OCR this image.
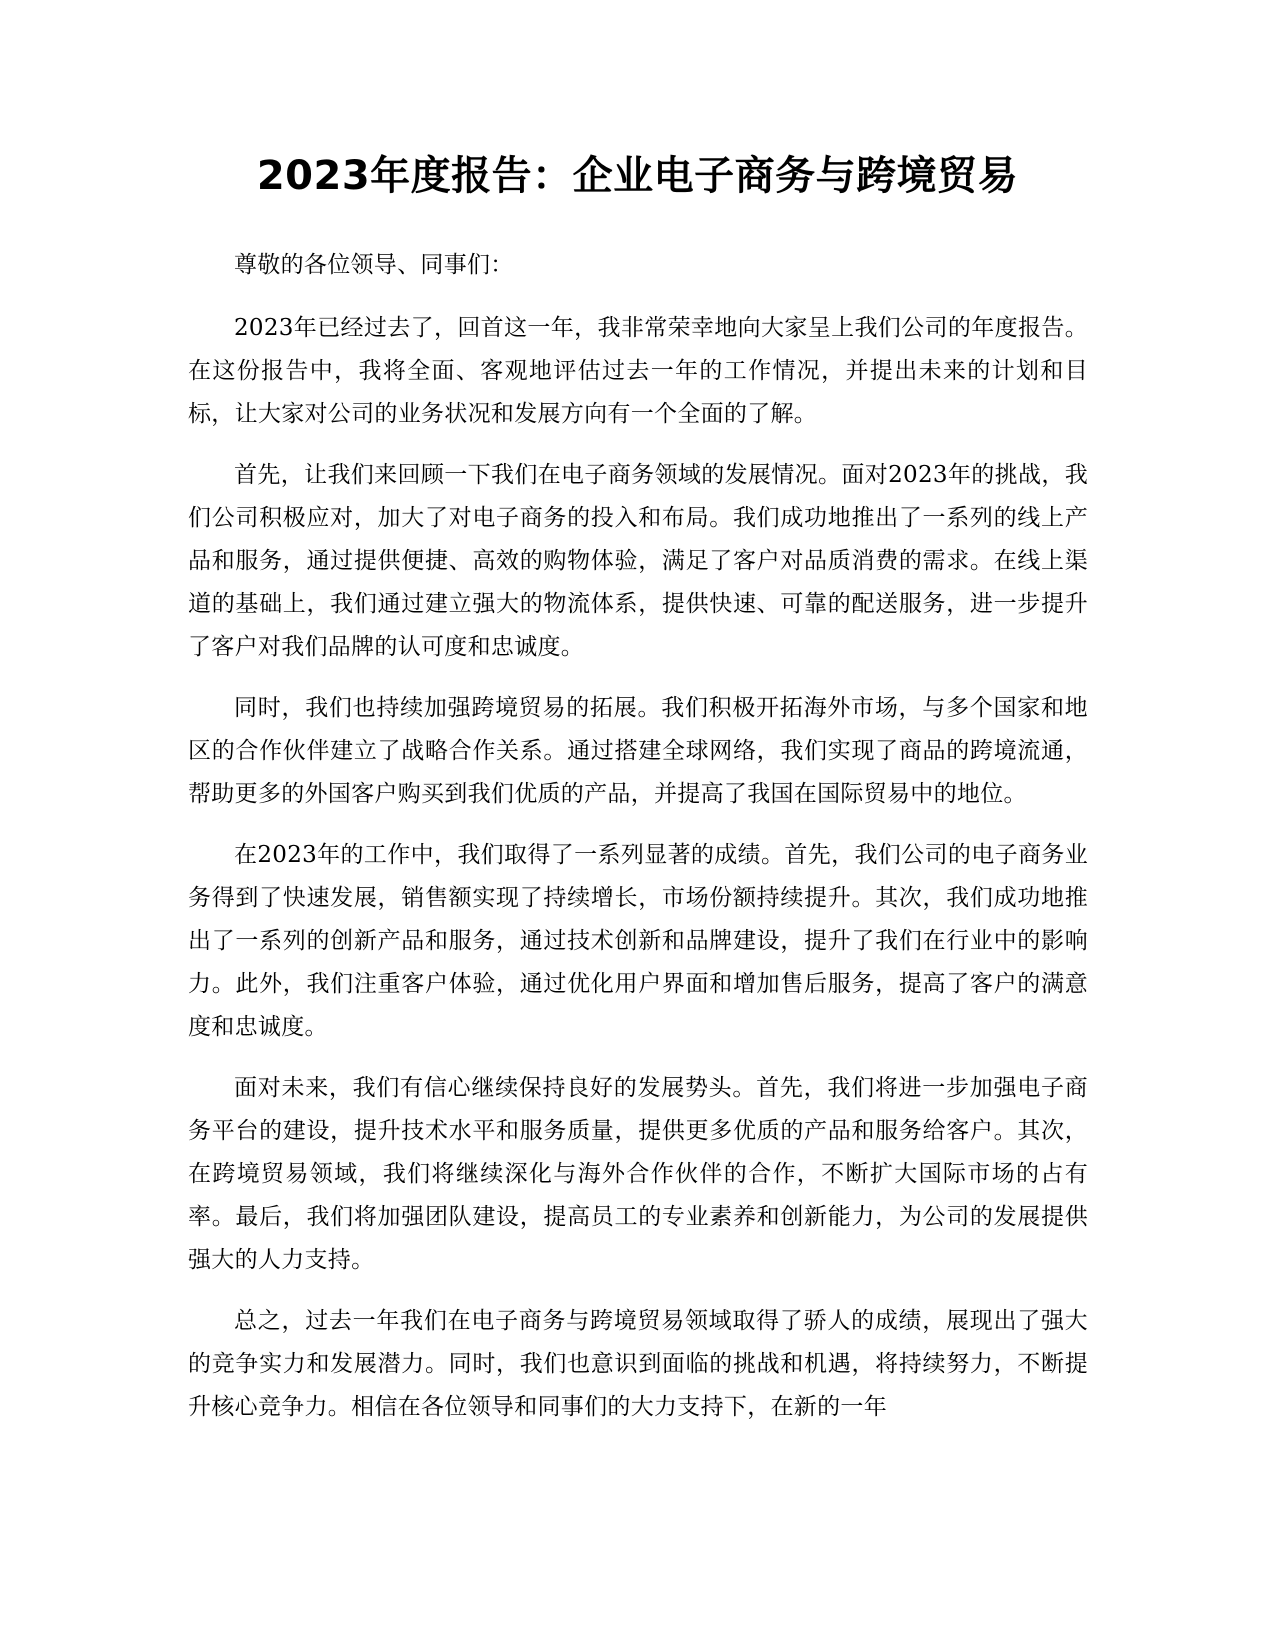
2023年度报告：企业电子商务与跨境贸易

尊敬的各位领导、同事们：

2023年已经过去了，回首这一年，我非常荣幸地向大家呈上我们公司的年度报告。在这份报告中，我将全面、客观地评估过去一年的工作情况，并提出未来的计划和目标，让大家对公司的业务状况和发展方向有一个全面的了解。

首先，让我们来回顾一下我们在电子商务领域的发展情况。面对2023年的挑战，我们公司积极应对，加大了对电子商务的投入和布局。我们成功地推出了一系列的线上产品和服务，通过提供便捷、高效的购物体验，满足了客户对品质消费的需求。在线上渠道的基础上，我们通过建立强大的物流体系，提供快速、可靠的配送服务，进一步提升了客户对我们品牌的认可度和忠诚度。

同时，我们也持续加强跨境贸易的拓展。我们积极开拓海外市场，与多个国家和地区的合作伙伴建立了战略合作关系。通过搭建全球网络，我们实现了商品的跨境流通，帮助更多的外国客户购买到我们优质的产品，并提高了我国在国际贸易中的地位。

在2023年的工作中，我们取得了一系列显著的成绩。首先，我们公司的电子商务业务得到了快速发展，销售额实现了持续增长，市场份额持续提升。其次，我们成功地推出了一系列的创新产品和服务，通过技术创新和品牌建设，提升了我们在行业中的影响力。此外，我们注重客户体验，通过优化用户界面和增加售后服务，提高了客户的满意度和忠诚度。

面对未来，我们有信心继续保持良好的发展势头。首先，我们将进一步加强电子商务平台的建设，提升技术水平和服务质量，提供更多优质的产品和服务给客户。其次，在跨境贸易领域，我们将继续深化与海外合作伙伴的合作，不断扩大国际市场的占有率。最后，我们将加强团队建设，提高员工的专业素养和创新能力，为公司的发展提供强大的人力支持。

总之，过去一年我们在电子商务与跨境贸易领域取得了骄人的成绩，展现出了强大的竞争实力和发展潜力。同时，我们也意识到面临的挑战和机遇，将持续努力，不断提升核心竞争力。相信在各位领导和同事们的大力支持下，在新的一年
